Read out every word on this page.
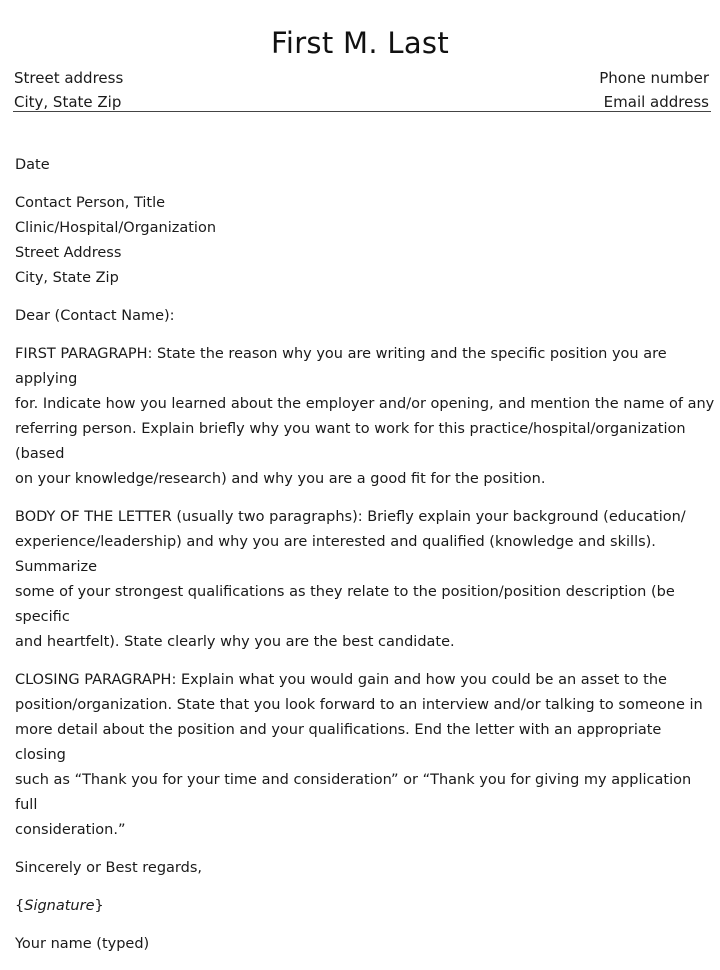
First M. Last
Street address
City, State Zip
Phone number
Email address

Date

Contact Person, Title

Clinic/Hospital/Organization

Street Address

City, State Zip

Dear (Contact Name):

FIRST PARAGRAPH: State the reason why you are writing and the specific position you are applying

for. Indicate how you learned about the employer and/or opening, and mention the name of any

referring person. Explain briefly why you want to work for this practice/hospital/organization (based

on your knowledge/research) and why you are a good fit for the position.

BODY OF THE LETTER (usually two paragraphs): Briefly explain your background (education/

experience/leadership) and why you are interested and qualified (knowledge and skills). Summarize

some of your strongest qualifications as they relate to the position/position description (be specific

and heartfelt). State clearly why you are the best candidate.

CLOSING PARAGRAPH: Explain what you would gain and how you could be an asset to the

position/organization. State that you look forward to an interview and/or talking to someone in

more detail about the position and your qualifications. End the letter with an appropriate closing

such as “Thank you for your time and consideration” or “Thank you for giving my application full

consideration.”

Sincerely or Best regards,

{Signature}

Your name (typed)
